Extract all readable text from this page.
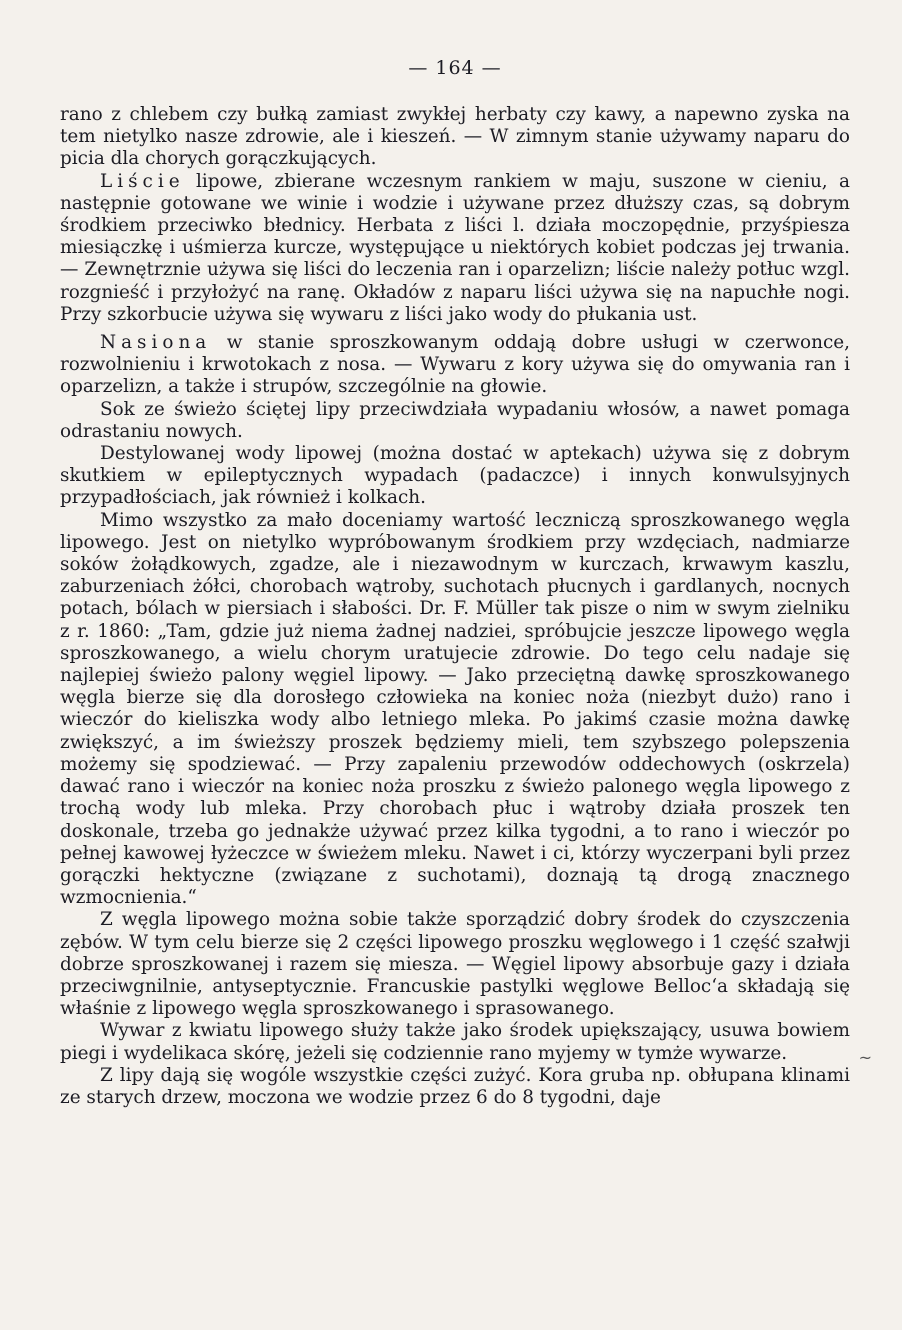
— 164 —

rano z chlebem czy bułką zamiast zwykłej herbaty czy kawy, a napewno zyska na tem nietylko nasze zdrowie, ale i kieszeń. — W zimnym stanie używamy naparu do picia dla chorych gorączkujących.

Liście lipowe, zbierane wczesnym rankiem w maju, suszone w cieniu, a następnie gotowane we winie i wodzie i używane przez dłuższy czas, są dobrym środkiem przeciwko błednicy. Herbata z liści l. działa moczopędnie, przyśpiesza miesiączkę i uśmierza kurcze, występujące u niektórych kobiet podczas jej trwania. — Zewnętrznie używa się liści do leczenia ran i oparzelizn; liście należy potłuc wzgl. rozgnieść i przyłożyć na ranę. Okładów z naparu liści używa się na napuchłe nogi. Przy szkorbucie używa się wywaru z liści jako wody do płukania ust.

Nasiona w stanie sproszkowanym oddają dobre usługi w czerwonce, rozwolnieniu i krwotokach z nosa. — Wywaru z kory używa się do omywania ran i oparzelizn, a także i strupów, szczególnie na głowie.

Sok ze świeżo ściętej lipy przeciwdziała wypadaniu włosów, a nawet pomaga odrastaniu nowych.

Destylowanej wody lipowej (można dostać w aptekach) używa się z dobrym skutkiem w epileptycznych wypadach (padaczce) i innych konwulsyjnych przypadłościach, jak również i kolkach.

Mimo wszystko za mało doceniamy wartość leczniczą sproszkowanego węgla lipowego. Jest on nietylko wypróbowanym środkiem przy wzdęciach, nadmiarze soków żołądkowych, zgadze, ale i niezawodnym w kurczach, krwawym kaszlu, zaburzeniach żółci, chorobach wątroby, suchotach płucnych i gardlanych, nocnych potach, bólach w piersiach i słabości. Dr. F. Müller tak pisze o nim w swym zielniku z r. 1860: „Tam, gdzie już niema żadnej nadziei, spróbujcie jeszcze lipowego węgla sproszkowanego, a wielu chorym uratujecie zdrowie. Do tego celu nadaje się najlepiej świeżo palony węgiel lipowy. — Jako przeciętną dawkę sproszkowanego węgla bierze się dla dorosłego człowieka na koniec noża (niezbyt dużo) rano i wieczór do kieliszka wody albo letniego mleka. Po jakimś czasie można dawkę zwiększyć, a im świeższy proszek będziemy mieli, tem szybszego polepszenia możemy się spodziewać. — Przy zapaleniu przewodów oddechowych (oskrzela) dawać rano i wieczór na koniec noża proszku z świeżo palonego węgla lipowego z trochą wody lub mleka. Przy chorobach płuc i wątroby działa proszek ten doskonale, trzeba go jednakże używać przez kilka tygodni, a to rano i wieczór po pełnej kawowej łyżeczce w świeżem mleku. Nawet i ci, którzy wyczerpani byli przez gorączki hektyczne (związane z suchotami), doznają tą drogą znacznego wzmocnienia.“

Z węgla lipowego można sobie także sporządzić dobry środek do czyszczenia zębów. W tym celu bierze się 2 części lipowego proszku węglowego i 1 część szałwji dobrze sproszkowanej i razem się miesza. — Węgiel lipowy absorbuje gazy i działa przeciwgnilnie, antyseptycznie. Francuskie pastylki węglowe Belloc‘a składają się właśnie z lipowego węgla sproszkowanego i sprasowanego.

Wywar z kwiatu lipowego służy także jako środek upiększający, usuwa bowiem piegi i wydelikaca skórę, jeżeli się codziennie rano myjemy w tymże wywarze.

Z lipy dają się wogóle wszystkie części zużyć. Kora gruba np. obłupana klinami ze starych drzew, moczona we wodzie przez 6 do 8 tygodni, daje

~
